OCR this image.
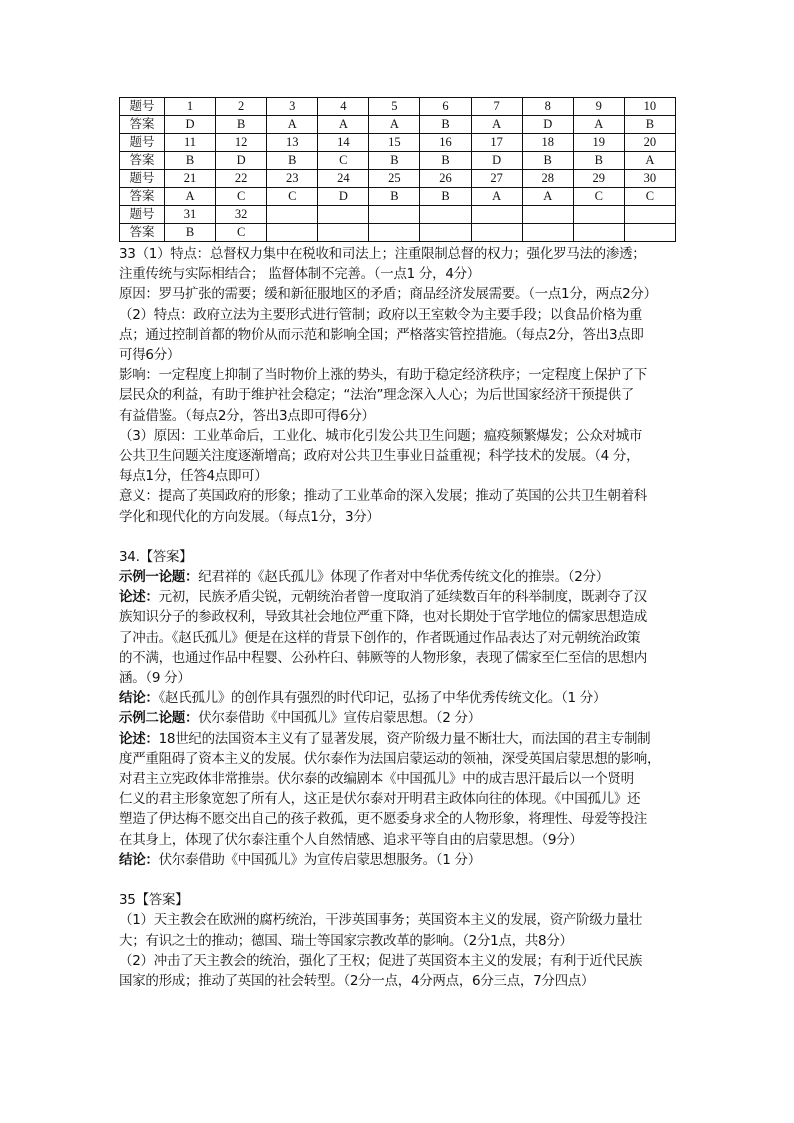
题号	1	2	3	4	5	6	7	8	9	10
答案	D	B	A	A	A	B	A	D	A	B
题号	11	12	13	14	15	16	17	18	19	20
答案	B	D	B	C	B	B	D	B	B	A
题号	21	22	23	24	25	26	27	28	29	30
答案	A	C	C	D	B	B	A	A	C	C
题号	31	32								
答案	B	C								

33（1）特点：总督权力集中在税收和司法上；注重限制总督的权力；强化罗马法的渗透；

注重传统与实际相结合； 监督体制不完善。（一点1 分，4分）

原因：罗马扩张的需要；缓和新征服地区的矛盾；商品经济发展需要。（一点1分，两点2分）

（2）特点：政府立法为主要形式进行管制；政府以王室敕令为主要手段；以食品价格为重

点；通过控制首都的物价从而示范和影响全国；严格落实管控措施。（每点2分，答出3点即

可得6分）

影响：一定程度上抑制了当时物价上涨的势头，有助于稳定经济秩序；一定程度上保护了下

层民众的利益，有助于维护社会稳定；“法治”理念深入人心；为后世国家经济干预提供了

有益借鉴。（每点2分，答出3点即可得6分）

（3）原因：工业革命后，工业化、城市化引发公共卫生问题；瘟疫频繁爆发；公众对城市

公共卫生问题关注度逐渐增高；政府对公共卫生事业日益重视；科学技术的发展。（4 分，

每点1分，任答4点即可）

意义：提高了英国政府的形象；推动了工业革命的深入发展；推动了英国的公共卫生朝着科

学化和现代化的方向发展。（每点1分，3分）

34.【答案】

示例一论题：纪君祥的《赵氏孤儿》体现了作者对中华优秀传统文化的推崇。（2分）

论述：元初，民族矛盾尖锐，元朝统治者曾一度取消了延续数百年的科举制度，既剥夺了汉

族知识分子的参政权利，导致其社会地位严重下降，也对长期处于官学地位的儒家思想造成

了冲击。《赵氏孤儿》便是在这样的背景下创作的，作者既通过作品表达了对元朝统治政策

的不满，也通过作品中程婴、公孙杵臼、韩厥等的人物形象，表现了儒家至仁至信的思想内

涵。（9 分）

结论：《赵氏孤儿》的创作具有强烈的时代印记，弘扬了中华优秀传统文化。（1 分）

示例二论题：伏尔泰借助《中国孤儿》宣传启蒙思想。（2 分）

论述：18世纪的法国资本主义有了显著发展，资产阶级力量不断壮大，而法国的君主专制制

度严重阻碍了资本主义的发展。伏尔泰作为法国启蒙运动的领袖，深受英国启蒙思想的影响，

对君主立宪政体非常推崇。伏尔泰的改编剧本《中国孤儿》中的成吉思汗最后以一个贤明

仁义的君主形象宽恕了所有人，这正是伏尔泰对开明君主政体向往的体现。《中国孤儿》还

塑造了伊达梅不愿交出自己的孩子救孤，更不愿委身求全的人物形象，将理性、母爱等投注

在其身上，体现了伏尔泰注重个人自然情感、追求平等自由的启蒙思想。（9分）

结论：伏尔泰借助《中国孤儿》为宣传启蒙思想服务。（1 分）

35【答案】

（1）天主教会在欧洲的腐朽统治，干涉英国事务；英国资本主义的发展，资产阶级力量壮

大；有识之士的推动；德国、瑞士等国家宗教改革的影响。（2分1点，共8分）

（2）冲击了天主教会的统治，强化了王权；促进了英国资本主义的发展；有利于近代民族

国家的形成；推动了英国的社会转型。（2分一点，4分两点，6分三点，7分四点）
